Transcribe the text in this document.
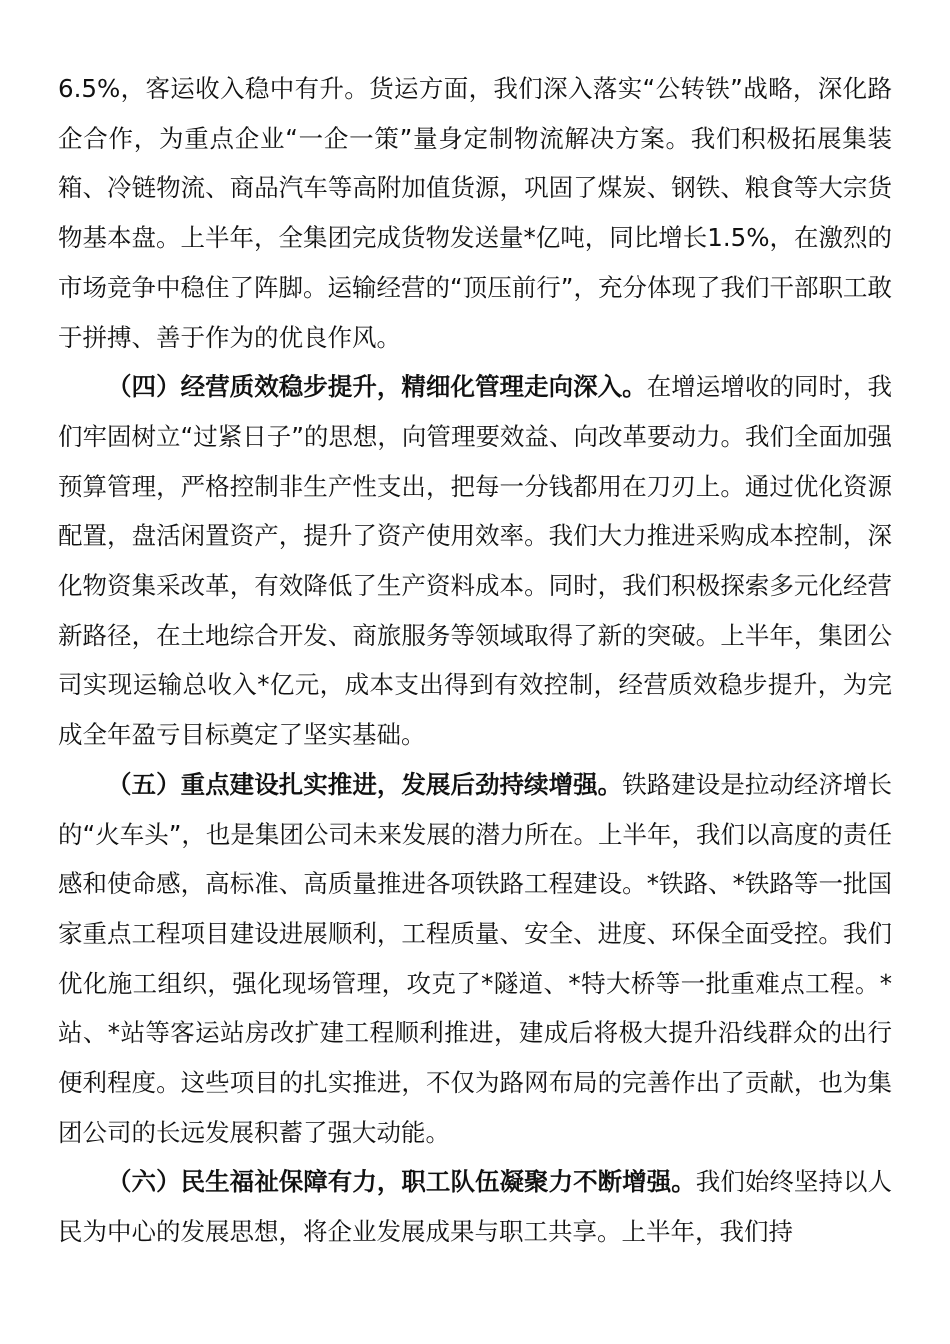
6.5%，客运收入稳中有升。货运方面，我们深入落实“公转铁”战略，深化路企合作，为重点企业“一企一策”量身定制物流解决方案。我们积极拓展集装箱、冷链物流、商品汽车等高附加值货源，巩固了煤炭、钢铁、粮食等大宗货物基本盘。上半年，全集团完成货物发送量*亿吨，同比增长1.5%，在激烈的市场竞争中稳住了阵脚。运输经营的“顶压前行”，充分体现了我们干部职工敢于拼搏、善于作为的优良作风。

（四）经营质效稳步提升，精细化管理走向深入。在增运增收的同时，我们牢固树立“过紧日子”的思想，向管理要效益、向改革要动力。我们全面加强预算管理，严格控制非生产性支出，把每一分钱都用在刀刃上。通过优化资源配置，盘活闲置资产，提升了资产使用效率。我们大力推进采购成本控制，深化物资集采改革，有效降低了生产资料成本。同时，我们积极探索多元化经营新路径，在土地综合开发、商旅服务等领域取得了新的突破。上半年，集团公司实现运输总收入*亿元，成本支出得到有效控制，经营质效稳步提升，为完成全年盈亏目标奠定了坚实基础。

（五）重点建设扎实推进，发展后劲持续增强。铁路建设是拉动经济增长的“火车头”，也是集团公司未来发展的潜力所在。上半年，我们以高度的责任感和使命感，高标准、高质量推进各项铁路工程建设。*铁路、*铁路等一批国家重点工程项目建设进展顺利，工程质量、安全、进度、环保全面受控。我们优化施工组织，强化现场管理，攻克了*隧道、*特大桥等一批重难点工程。*站、*站等客运站房改扩建工程顺利推进，建成后将极大提升沿线群众的出行便利程度。这些项目的扎实推进，不仅为路网布局的完善作出了贡献，也为集团公司的长远发展积蓄了强大动能。

（六）民生福祉保障有力，职工队伍凝聚力不断增强。我们始终坚持以人民为中心的发展思想，将企业发展成果与职工共享。上半年，我们持
